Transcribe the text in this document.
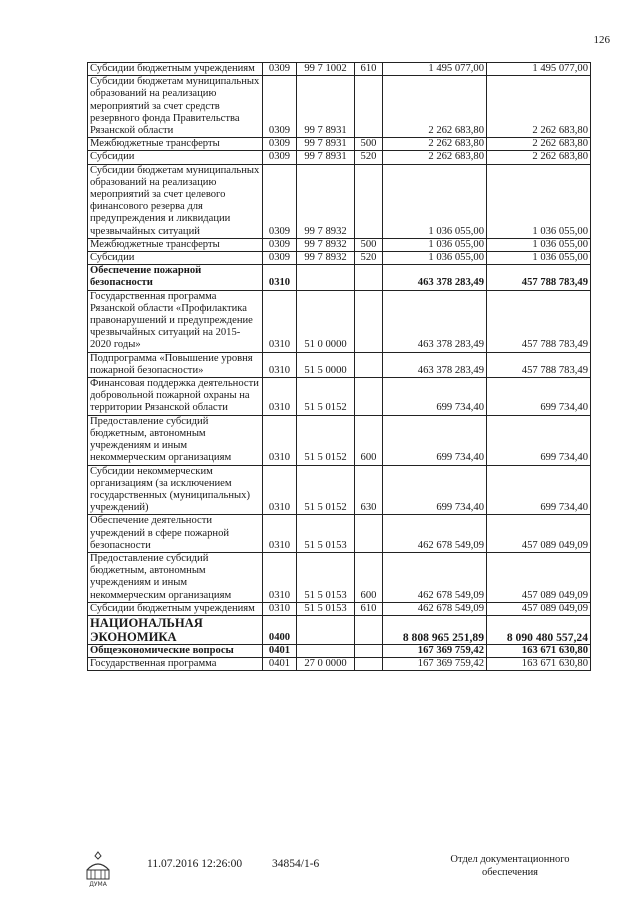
126
Субсидии бюджетным учреждениям	0309	99 7 1002	610	1 495 077,00	1 495 077,00
Субсидии бюджетам муниципальных образований на реализацию мероприятий за счет средств резервного фонда Правительства Рязанской области	0309	99 7 8931		2 262 683,80	2 262 683,80
Межбюджетные трансферты	0309	99 7 8931	500	2 262 683,80	2 262 683,80
Субсидии	0309	99 7 8931	520	2 262 683,80	2 262 683,80
Субсидии бюджетам муниципальных образований на реализацию мероприятий за счет целевого финансового резерва для предупреждения и ликвидации чрезвычайных ситуаций	0309	99 7 8932		1 036 055,00	1 036 055,00
Межбюджетные трансферты	0309	99 7 8932	500	1 036 055,00	1 036 055,00
Субсидии	0309	99 7 8932	520	1 036 055,00	1 036 055,00
Обеспечение пожарной безопасности	0310			463 378 283,49	457 788 783,49
Государственная программа Рязанской области «Профилактика правонарушений и предупреждение чрезвычайных ситуаций на 2015-2020 годы»	0310	51 0 0000		463 378 283,49	457 788 783,49
Подпрограмма «Повышение уровня пожарной безопасности»	0310	51 5 0000		463 378 283,49	457 788 783,49
Финансовая поддержка деятельности добровольной пожарной охраны на территории Рязанской области	0310	51 5 0152		699 734,40	699 734,40
Предоставление субсидий бюджетным, автономным учреждениям и иным некоммерческим организациям	0310	51 5 0152	600	699 734,40	699 734,40
Субсидии некоммерческим организациям (за исключением государственных (муниципальных) учреждений)	0310	51 5 0152	630	699 734,40	699 734,40
Обеспечение деятельности учреждений в сфере пожарной безопасности	0310	51 5 0153		462 678 549,09	457 089 049,09
Предоставление субсидий бюджетным, автономным учреждениям и иным некоммерческим организациям	0310	51 5 0153	600	462 678 549,09	457 089 049,09
Субсидии бюджетным учреждениям	0310	51 5 0153	610	462 678 549,09	457 089 049,09
НАЦИОНАЛЬНАЯ ЭКОНОМИКА	0400			8 808 965 251,89	8 090 480 557,24
Общеэкономические вопросы	0401			167 369 759,42	163 671 630,80
Государственная программа	0401	27 0 0000		167 369 759,42	163 671 630,80
ДУМА
11.07.2016 12:26:00	34854/1-6	Отдел документационного
обеспечения
